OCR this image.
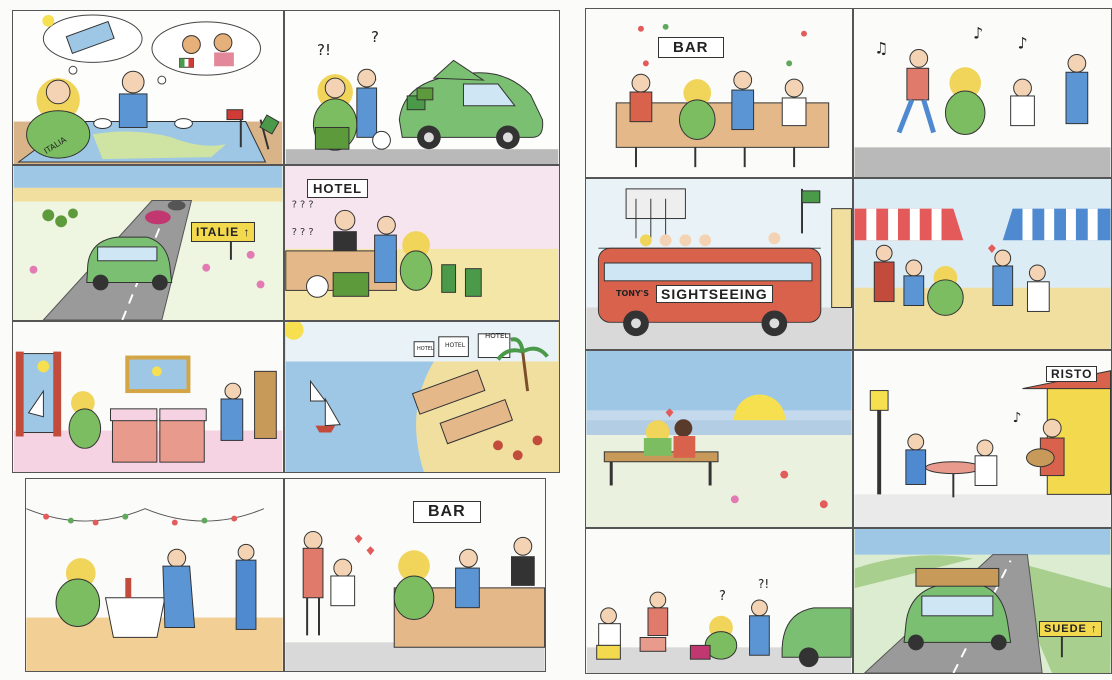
ITALIA
?!
?
ITALIE ↑
? ? ?
? ? ?
HOTEL
HOTEL HOTEL
HOTEL
BAR
BAR	♫
♪
♪
TONY'S SIGHTSEEING
♪
RISTO
?
?!
SUEDE ↑
